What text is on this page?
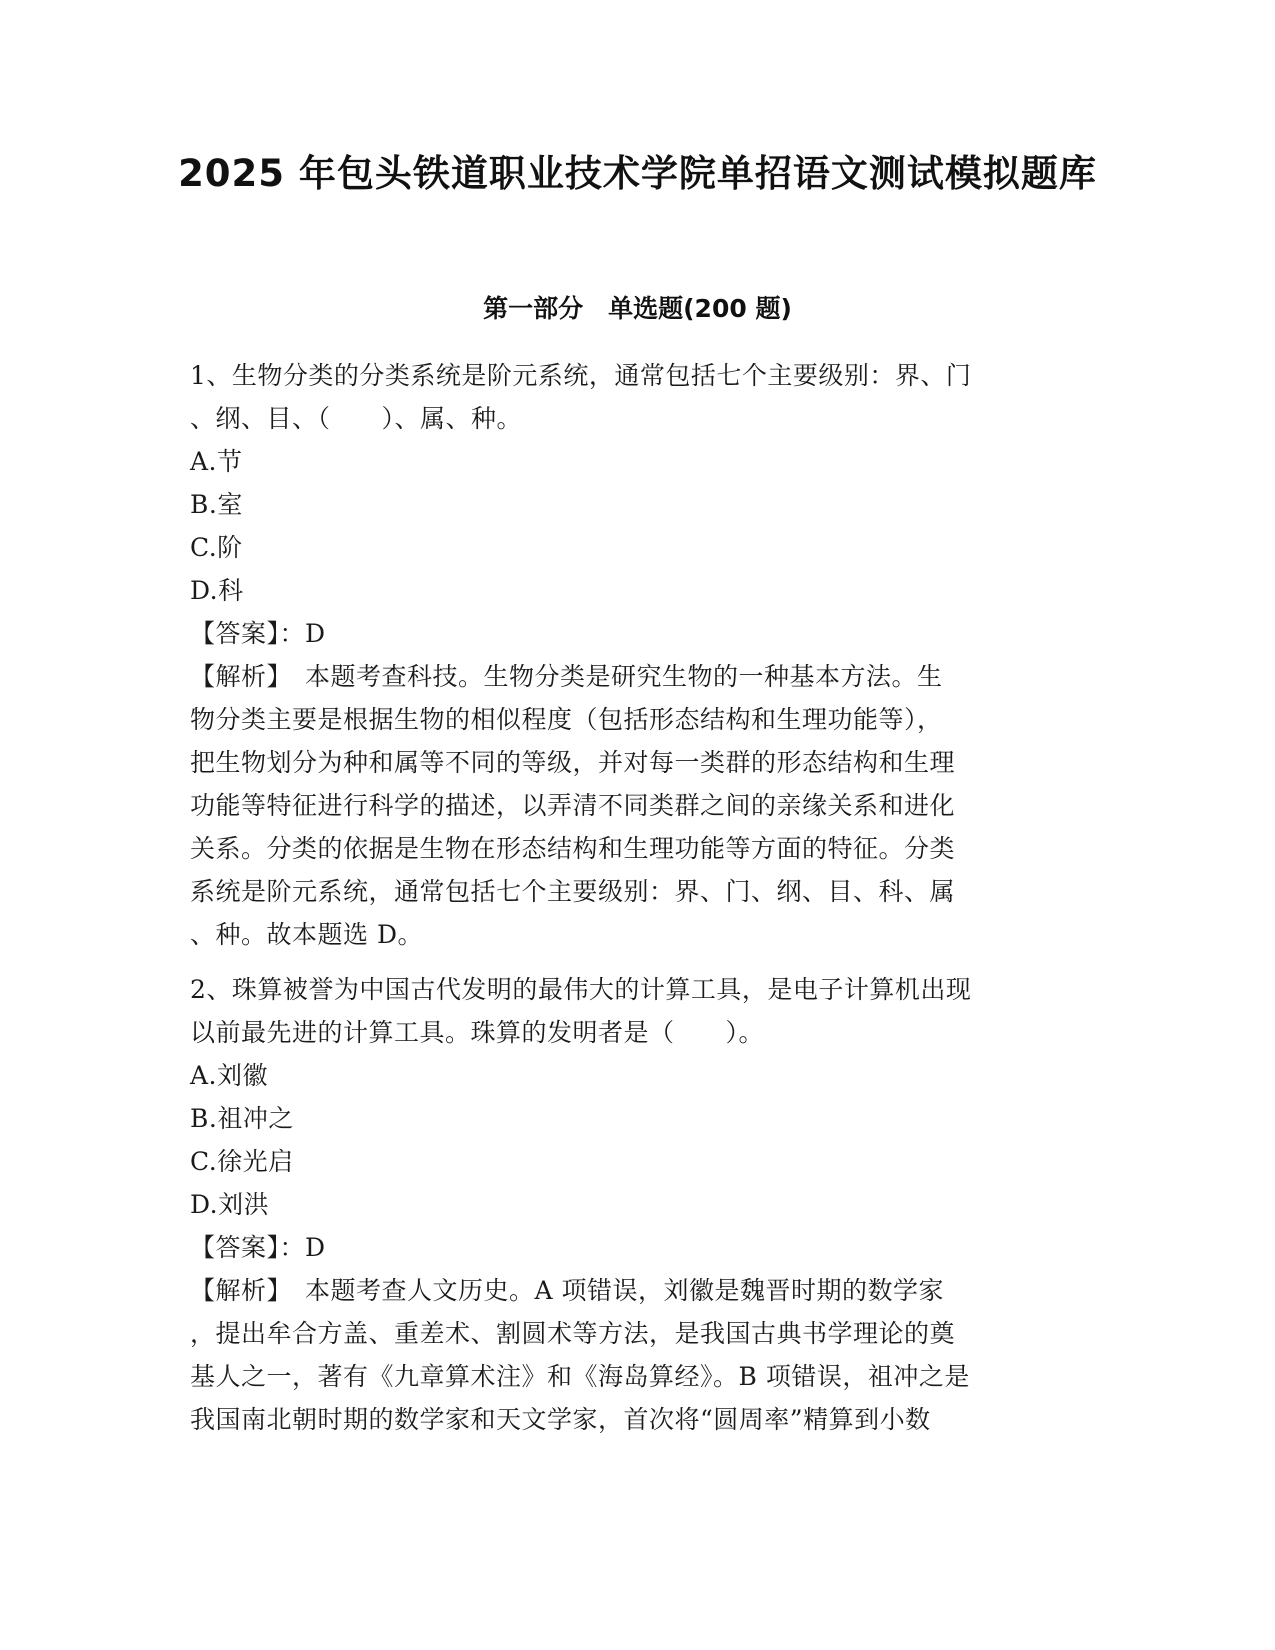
2025 年包头铁道职业技术学院单招语文测试模拟题库
第一部分　单选题(200 题)
1、生物分类的分类系统是阶元系统，通常包括七个主要级别：界、门
、纲、目、（　　）、属、种。
A.节
B.室
C.阶
D.科
【答案】：D
【解析】　本题考查科技。生物分类是研究生物的一种基本方法。生
物分类主要是根据生物的相似程度（包括形态结构和生理功能等），
把生物划分为种和属等不同的等级，并对每一类群的形态结构和生理
功能等特征进行科学的描述，以弄清不同类群之间的亲缘关系和进化
关系。分类的依据是生物在形态结构和生理功能等方面的特征。分类
系统是阶元系统，通常包括七个主要级别：界、门、纲、目、科、属
、种。故本题选 D。
2、珠算被誉为中国古代发明的最伟大的计算工具，是电子计算机出现
以前最先进的计算工具。珠算的发明者是（　　）。
A.刘徽
B.祖冲之
C.徐光启
D.刘洪
【答案】：D
【解析】　本题考查人文历史。A 项错误，刘徽是魏晋时期的数学家
，提出牟合方盖、重差术、割圆术等方法，是我国古典书学理论的奠
基人之一，著有《九章算术注》和《海岛算经》。B 项错误，祖冲之是
我国南北朝时期的数学家和天文学家，首次将“圆周率”精算到小数
